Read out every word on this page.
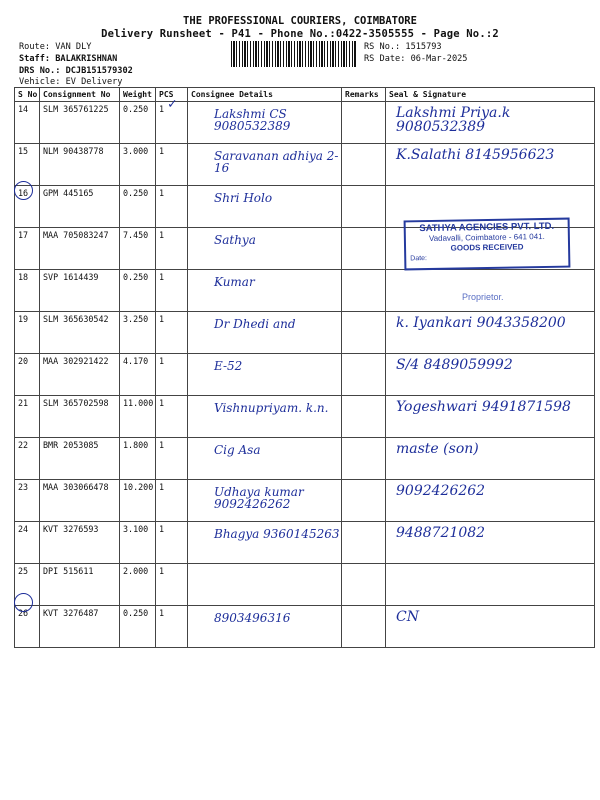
THE PROFESSIONAL COURIERS, COIMBATORE
Delivery Runsheet - P41 - Phone No.:0422-3505555 - Page No.:2
Route: VAN DLY
Staff: BALAKRISHNAN
DRS No.: DCJB151579302
Vehicle: EV Delivery
RS No.: 1515793
RS Date: 06-Mar-2025
S No	Consignment No	Weight	PCS	Consignee Details	Remarks	Seal & Signature
14	SLM 365761225	0.250	1	Lakshmi CS 9080532389		Lakshmi Priya.k 9080532389

15	NLM 90438778	3.000	1	Saravanan adhiya 2-16		K.Salathi 8145956623

16	GPM 445165	0.250	1	Shri Holo		

17	MAA 705083247	7.450	1	Sathya		

18	SVP 1614439	0.250	1	Kumar		

19	SLM 365630542	3.250	1	Dr Dhedi and		k. Iyankari 9043358200

20	MAA 302921422	4.170	1	E-52		S/4 8489059992

21	SLM 365702598	11.000	1	Vishnupriyam. k.n.		Yogeshwari 9491871598

22	BMR 2053085	1.800	1	Cig Asa		maste (son)

23	MAA 303066478	10.200	1	Udhaya kumar 9092426262		9092426262

24	KVT 3276593	3.100	1	Bhagya 9360145263		9488721082

25	DPI 515611	2.000	1	

26	KVT 3276487	0.250	1	8903496316		CN
✓
SATHYA AGENCIES PVT. LTD.
Vadavalli, Coimbatore - 641 041.
GOODS RECEIVED
Date:
Proprietor.
